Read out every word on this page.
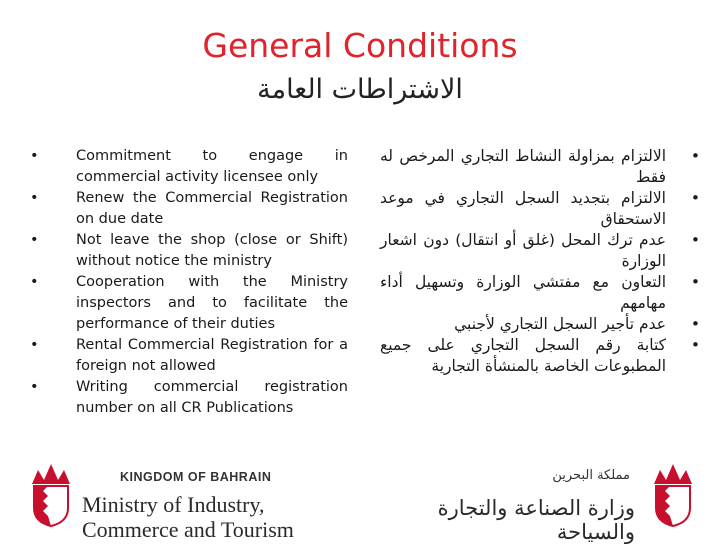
General Conditions
الاشتراطات العامة
• Commitment to engage in commercial activity licensee only
• Renew the Commercial Registration on due date
• Not leave the shop (close or Shift) without notice the ministry
• Cooperation with the Ministry inspectors and to facilitate the performance of their duties
• Rental Commercial Registration for a foreign not allowed
• Writing commercial registration number on all CR Publications
• الالتزام بمزاولة النشاط التجاري المرخص له فقط
• الالتزام بتجديد السجل التجاري في موعد الاستحقاق
• عدم ترك المحل (غلق أو انتقال) دون اشعار الوزارة
• التعاون مع مفتشي الوزارة وتسهيل أداء مهامهم
• عدم تأجير السجل التجاري لأجنبي
• كتابة رقم السجل التجاري على جميع المطبوعات الخاصة بالمنشأة التجارية
KINGDOM OF BAHRAIN
Ministry of Industry,
Commerce and Tourism
مملكة البحرين
وزارة الصناعة والتجارة والسياحة
